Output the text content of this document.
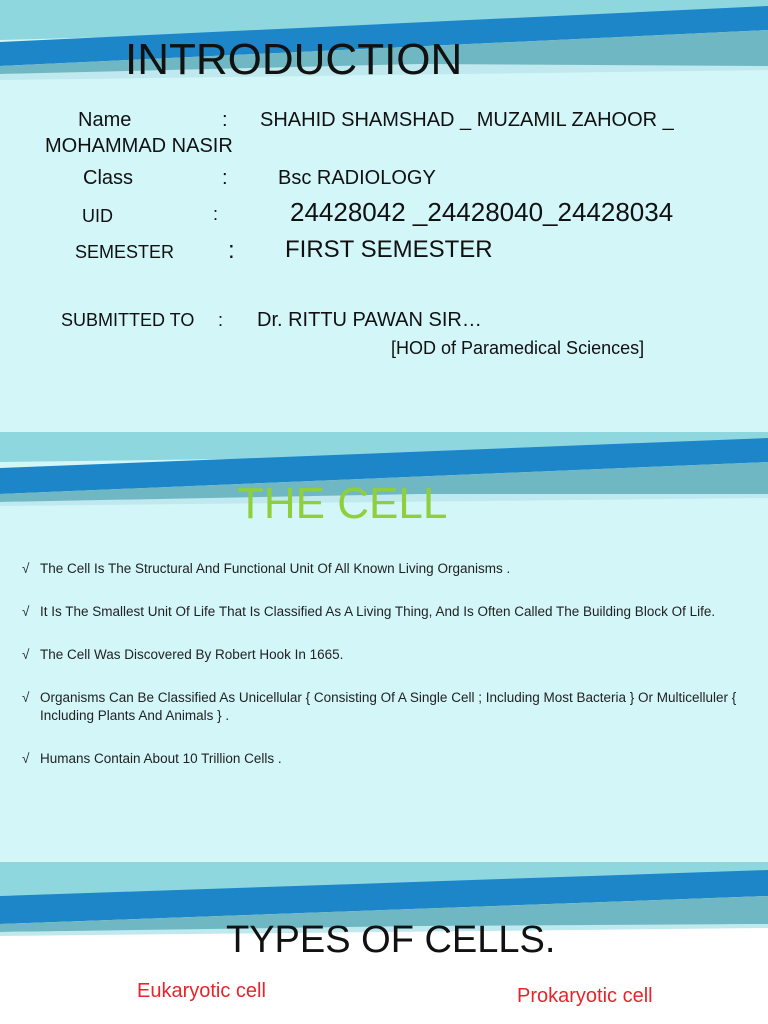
INTRODUCTION
Name	: SHAHID SHAMSHAD _ MUZAMIL ZAHOOR _
MOHAMMAD NASIR
Class	:	Bsc RADIOLOGY
UID	:	24428042 _24428040_24428034
SEMESTER : FIRST SEMESTER
SUBMITTED TO : Dr. RITTU PAWAN SIR…
[HOD of Paramedical Sciences]
THE CELL
√ The Cell Is The Structural And Functional Unit Of All Known Living Organisms .
√ It Is The Smallest Unit Of Life That Is Classified As A Living Thing, And Is Often Called The Building Block Of Life.
√ The Cell Was Discovered By Robert Hook In 1665.
√ Organisms Can Be Classified As Unicellular { Consisting Of A Single Cell ; Including Most Bacteria } Or Multicelluler { Including Plants And Animals } .
√ Humans Contain About 10 Trillion Cells .
TYPES OF CELLS.
Eukaryotic cell	Prokaryotic cell
